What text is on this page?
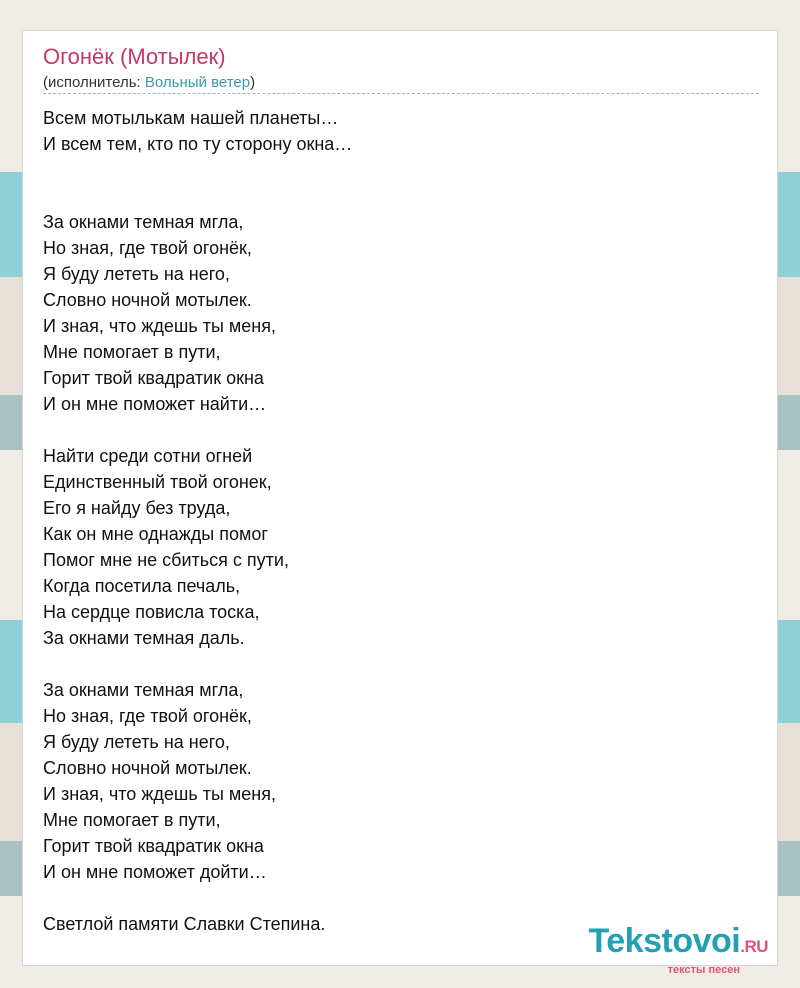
Огонёк (Мотылек)
(исполнитель: Вольный ветер)
Всем мотылькам нашей планеты…
И всем тем, кто по ту сторону окна…
За окнами темная мгла,
Но зная, где твой огонёк,
Я буду лететь на него,
Словно ночной мотылек.
И зная, что ждешь ты меня,
Мне помогает в пути,
Горит твой квадратик окна
И он мне поможет найти…
Найти среди сотни огней
Единственный твой огонек,
Его я найду без труда,
Как он мне однажды помог
Помог мне не сбиться с пути,
Когда посетила печаль,
На сердце повисла тоска,
За окнами темная даль.
За окнами темная мгла,
Но зная, где твой огонёк,
Я буду лететь на него,
Словно ночной мотылек.
И зная, что ждешь ты меня,
Мне помогает в пути,
Горит твой квадратик окна
И он мне поможет дойти…
Светлой памяти Славки Степина.	Tekstovoi.RU
тексты песен
